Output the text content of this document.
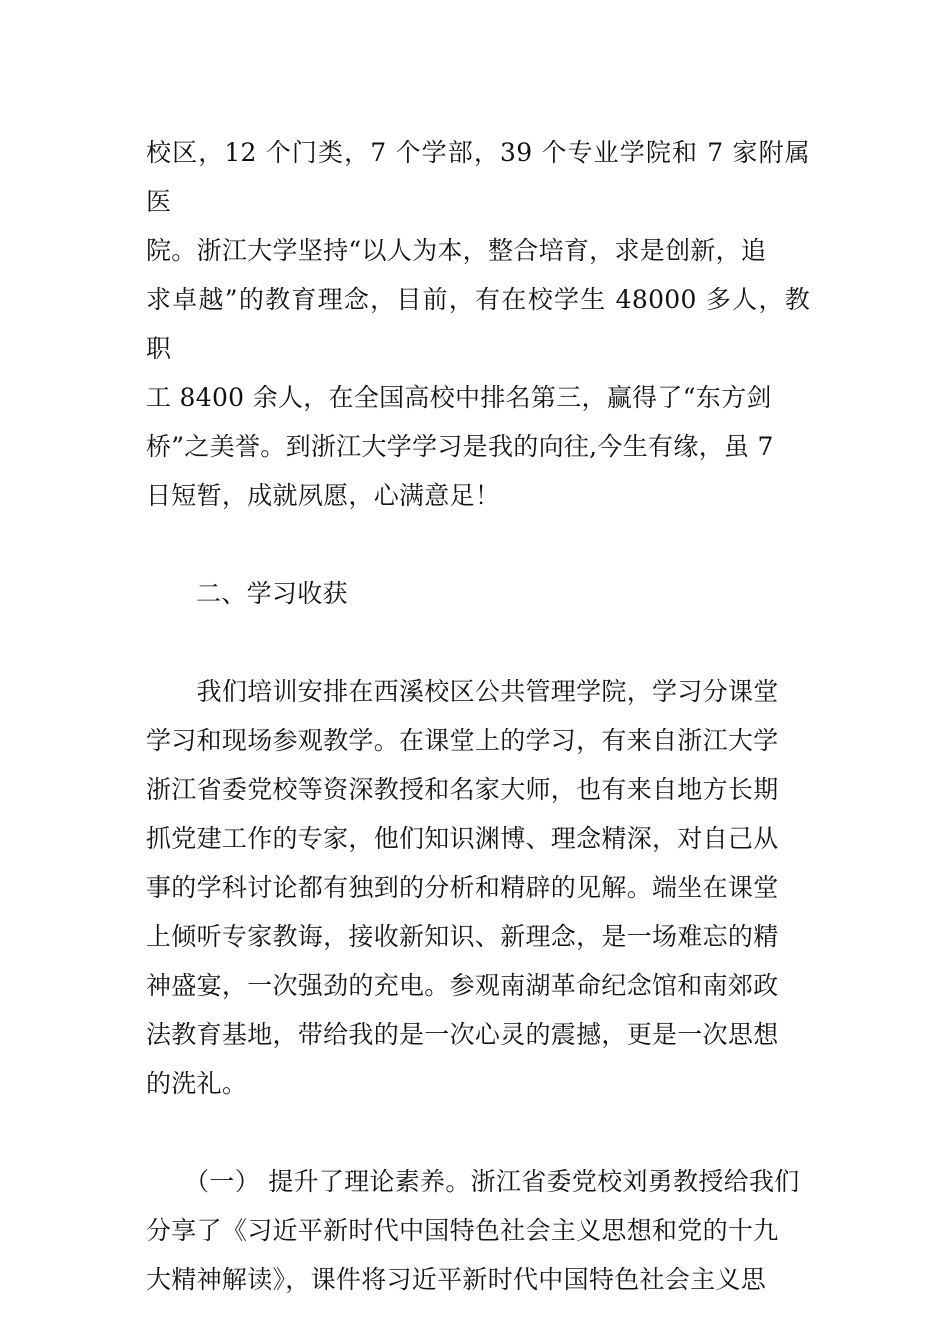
校区，12 个门类，7 个学部，39 个专业学院和 7 家附属医
院。浙江大学坚持“以人为本，整合培育，求是创新，追
求卓越”的教育理念，目前，有在校学生 48000 多人，教职
工 8400 余人，在全国高校中排名第三，赢得了“东方剑
桥”之美誉。到浙江大学学习是我的向往,今生有缘，虽 7
日短暂，成就夙愿，心满意足！
二、学习收获
　　我们培训安排在西溪校区公共管理学院，学习分课堂
学习和现场参观教学。在课堂上的学习，有来自浙江大学
浙江省委党校等资深教授和名家大师，也有来自地方长期
抓党建工作的专家，他们知识渊博、理念精深，对自己从
事的学科讨论都有独到的分析和精辟的见解。端坐在课堂
上倾听专家教诲，接收新知识、新理念，是一场难忘的精
神盛宴，一次强劲的充电。参观南湖革命纪念馆和南郊政
法教育基地，带给我的是一次心灵的震撼，更是一次思想
的洗礼。
　　（一） 提升了理论素养。浙江省委党校刘勇教授给我们
分享了《习近平新时代中国特色社会主义思想和党的十九
大精神解读》，课件将习近平新时代中国特色社会主义思
